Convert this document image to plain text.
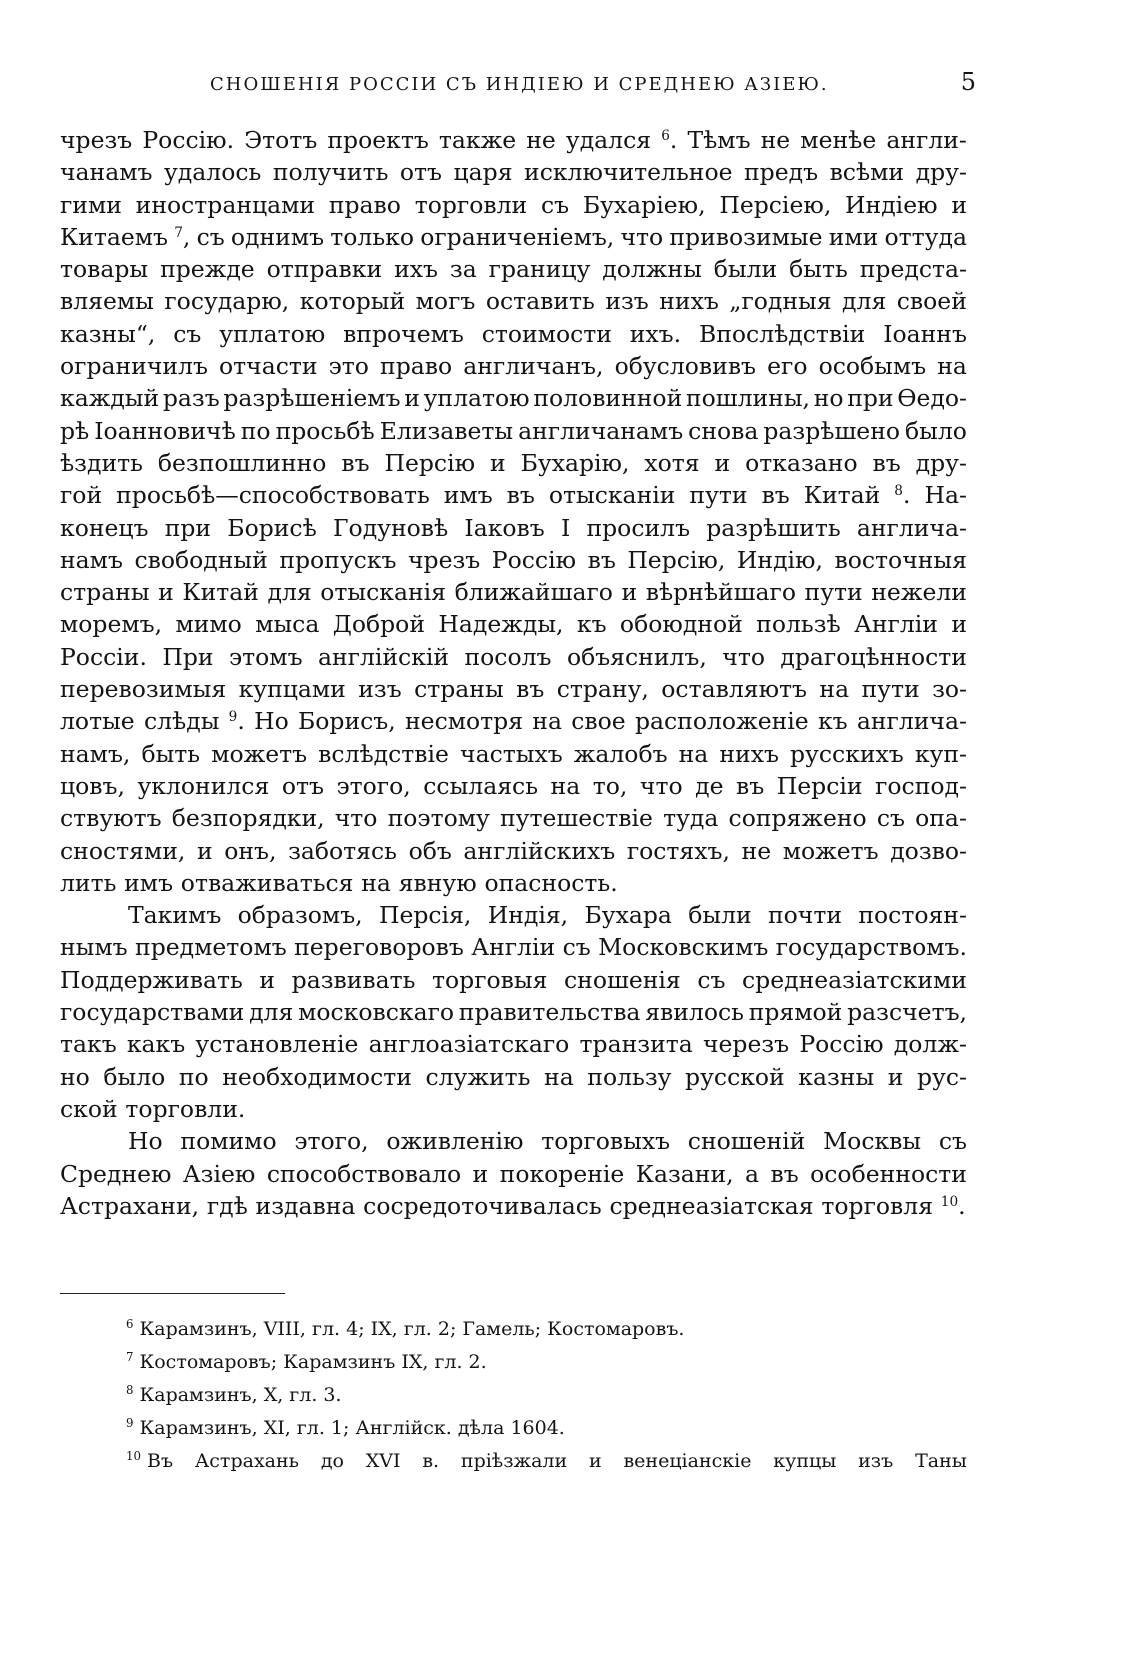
СНОШЕНІЯ РОССІИ СЪ ИНДІЕЮ И СРЕДНЕЮ АЗІЕЮ.	5
чрезъ Россію. Этотъ проектъ также не удался $^6$. Тѣмъ не менѣе англи-
чанамъ удалось получить отъ царя исключительное предъ всѣми дру-
гими иностранцами право торговли съ Бухаріею, Персіею, Индіею и
Китаемъ $^7$, съ однимъ только ограниченіемъ, что привозимые ими оттуда
товары прежде отправки ихъ за границу должны были быть предста-
вляемы государю, который могъ оставить изъ нихъ „годныя для своей
казны“, съ уплатою впрочемъ стоимости ихъ. Впослѣдствіи Іоаннъ
ограничилъ отчасти это право англичанъ, обусловивъ его особымъ на
каждый разъ разрѣшеніемъ и уплатою половинной пошлины, но при Ѳедо-
рѣ Іоанновичѣ по просьбѣ Елизаветы англичанамъ снова разрѣшено было
ѣздить безпошлинно въ Персію и Бухарію, хотя и отказано въ дру-
гой просьбѣ—способствовать имъ въ отысканіи пути въ Китай $^8$. На-
конецъ при Борисѣ Годуновѣ Іаковъ I просилъ разрѣшить англича-
намъ свободный пропускъ чрезъ Россію въ Персію, Индію, восточныя
страны и Китай для отысканія ближайшаго и вѣрнѣйшаго пути нежели
моремъ, мимо мыса Доброй Надежды, къ обоюдной пользѣ Англіи и
Россіи. При этомъ англійскій посолъ объяснилъ, что драгоцѣнности
перевозимыя купцами изъ страны въ страну, оставляютъ на пути зо-
лотые слѣды $^9$. Но Борисъ, несмотря на свое расположеніе къ англича-
намъ, быть можетъ вслѣдствіе частыхъ жалобъ на нихъ русскихъ куп-
цовъ, уклонился отъ этого, ссылаясь на то, что де въ Персіи господ-
ствуютъ безпорядки, что поэтому путешествіе туда сопряжено съ опа-
сностями, и онъ, заботясь объ англійскихъ гостяхъ, не можетъ дозво-
лить имъ отваживаться на явную опасность.
Такимъ образомъ, Персія, Индія, Бухара были почти постоян-
нымъ предметомъ переговоровъ Англіи съ Московскимъ государствомъ.
Поддерживать и развивать торговыя сношенія съ среднеазіатскими
государствами для московскаго правительства явилось прямой разсчетъ,
такъ какъ установленіе англоазіатскаго транзита черезъ Россію долж-
но было по необходимости служить на пользу русской казны и рус-
ской торговли.
Но помимо этого, оживленію торговыхъ сношеній Москвы съ
Среднею Азіею способствовало и покореніе Казани, а въ особенности
Астрахани, гдѣ издавна сосредоточивалась среднеазіатская торговля $^{10}$.
$^6$ Карамзинъ, VIII, гл. 4; IX, гл. 2; Гамель; Костомаровъ.
$^7$ Костомаровъ; Карамзинъ IX, гл. 2.
$^8$ Карамзинъ, X, гл. 3.
$^9$ Карамзинъ, XI, гл. 1; Англійск. дѣла 1604.
$^{10}$ Въ Астрахань до XVI в. пріѣзжали и венеціанскіе купцы изъ Таны
